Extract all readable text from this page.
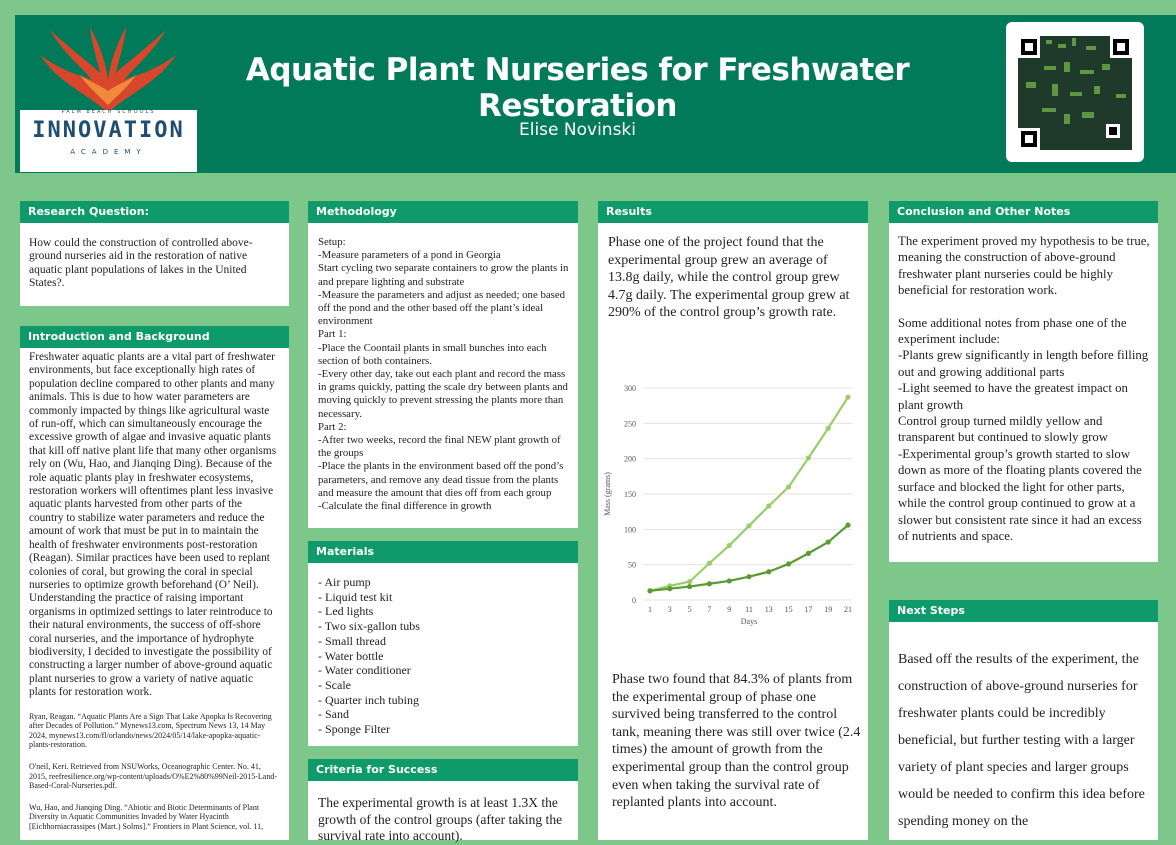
PALM BEACH SCHOOLS
INNOVATION
ACADEMY
Aquatic Plant Nurseries for Freshwater Restoration

Elise Novinski

Research Question:
How could the construction of controlled above-ground nurseries aid in the restoration of native aquatic plant populations of lakes in the United States?.
Introduction and Background

Freshwater aquatic plants are a vital part of freshwater environments, but face exceptionally high rates of population decline compared to other plants and many animals. This is due to how water parameters are commonly impacted by things like agricultural waste of run-off, which can simultaneously encourage the excessive growth of algae and invasive aquatic plants that kill off native plant life that many other organisms rely on (Wu, Hao, and Jianqing Ding). Because of the role aquatic plants play in freshwater ecosystems, restoration workers will oftentimes plant less invasive aquatic plants harvested from other parts of the country to stabilize water parameters and reduce the amount of work that must be put in to maintain the health of freshwater environments post-restoration (Reagan). Similar practices have been used to replant colonies of coral, but growing the coral in special nurseries to optimize growth beforehand (O’ Neil). Understanding the practice of raising important organisms in optimized settings to later reintroduce to their natural environments, the success of off-shore coral nurseries, and the importance of hydrophyte biodiversity, I decided to investigate the possibility of constructing a larger number of above-ground aquatic plant nurseries to grow a variety of native aquatic plants for restoration work.

Ryan, Reagan. “Aquatic Plants Are a Sign That Lake Apopka Is Recovering after Decades of Pollution.” Mynews13.com, Spectrum News 13, 14 May 2024, mynews13.com/fl/orlando/news/2024/05/14/lake-apopka-aquatic-plants-restoration.

O'neil, Keri. Retrieved from NSUWorks, Oceanographic Center. No. 41, 2015, reefresilience.org/wp-content/uploads/O%E2%80%99Neil-2015-Land-Based-Coral-Nurseries.pdf.

Wu, Hao, and Jianqing Ding. “Abiotic and Biotic Determinants of Plant Diversity in Aquatic Communities Invaded by Water Hyacinth [Eichhorniacrassipes (Mart.) Solms].” Frontiers in Plant Science, vol. 11,

Methodology

Setup:

-Measure parameters of a pond in Georgia

Start cycling two separate containers to grow the plants in and prepare lighting and substrate

-Measure the parameters and adjust as needed; one based off the pond and the other based off the plant’s ideal environment

Part 1:

-Place the Coontail plants in small bunches into each section of both containers.

-Every other day, take out each plant and record the mass in grams quickly, patting the scale dry between plants and moving quickly to prevent stressing the plants more than necessary.

Part 2:

-After two weeks, record the final NEW plant growth of the groups

-Place the plants in the environment based off the pond’s parameters, and remove any dead tissue from the plants and measure the amount that dies off from each group

-Calculate the final difference in growth

Materials
- Air pump
- Liquid test kit
- Led lights
- Two six-gallon tubs
- Small thread
- Water bottle
- Water conditioner
- Scale
- Quarter inch tubing
- Sand
- Sponge Filter
Criteria for Success
The experimental growth is at least 1.3X the growth of the control groups (after taking the survival rate into account).
Results
Phase one of the project found that the experimental group grew an average of 13.8g daily, while the control group grew 4.7g daily. The experimental group grew at 290% of the control group’s growth rate.
0
50
100
150
200
250
300
1 3 5 7 9 11 13 15 17 19 21
Days
Mass (grams)
Phase two found that 84.3% of plants from the experimental group of phase one survived being transferred to the control tank, meaning there was still over twice (2.4 times) the amount of growth from the experimental group than the control group even when taking the survival rate of replanted plants into account.
Conclusion and Other Notes

The experiment proved my hypothesis to be true, meaning the construction of above-ground freshwater plant nurseries could be highly beneficial for restoration work.

Some additional notes from phase one of the experiment include:

-Plants grew significantly in length before filling out and growing additional parts

-Light seemed to have the greatest impact on plant growth

Control group turned mildly yellow and transparent but continued to slowly grow

-Experimental group’s growth started to slow down as more of the floating plants covered the surface and blocked the light for other parts, while the control group continued to grow at a slower but consistent rate since it had an excess of nutrients and space.

Next Steps
Based off the results of the experiment, the construction of above-ground nurseries for freshwater plants could be incredibly beneficial, but further testing with a larger variety of plant species and larger groups would be needed to confirm this idea before spending money on the
